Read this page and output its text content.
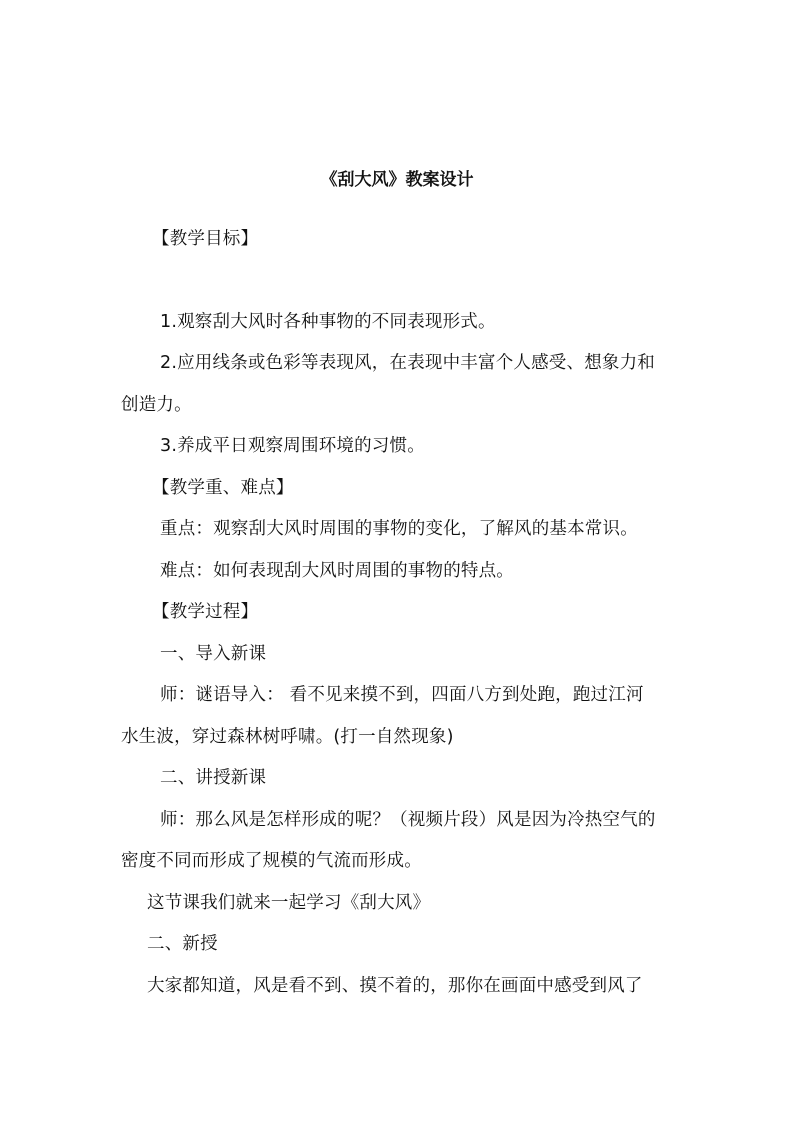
《刮大风》教案设计
【教学目标】
1.观察刮大风时各种事物的不同表现形式。
2.应用线条或色彩等表现风，在表现中丰富个人感受、想象力和
创造力。
3.养成平日观察周围环境的习惯。
【教学重、难点】
重点：观察刮大风时周围的事物的变化，了解风的基本常识。
难点：如何表现刮大风时周围的事物的特点。
【教学过程】
一、导入新课
师：谜语导入： 看不见来摸不到，四面八方到处跑，跑过江河
水生波，穿过森林树呼啸。(打一自然现象)
二、讲授新课
师：那么风是怎样形成的呢？（视频片段）风是因为冷热空气的
密度不同而形成了规模的气流而形成。
这节课我们就来一起学习《刮大风》
二、新授
大家都知道，风是看不到、摸不着的，那你在画面中感受到风了
